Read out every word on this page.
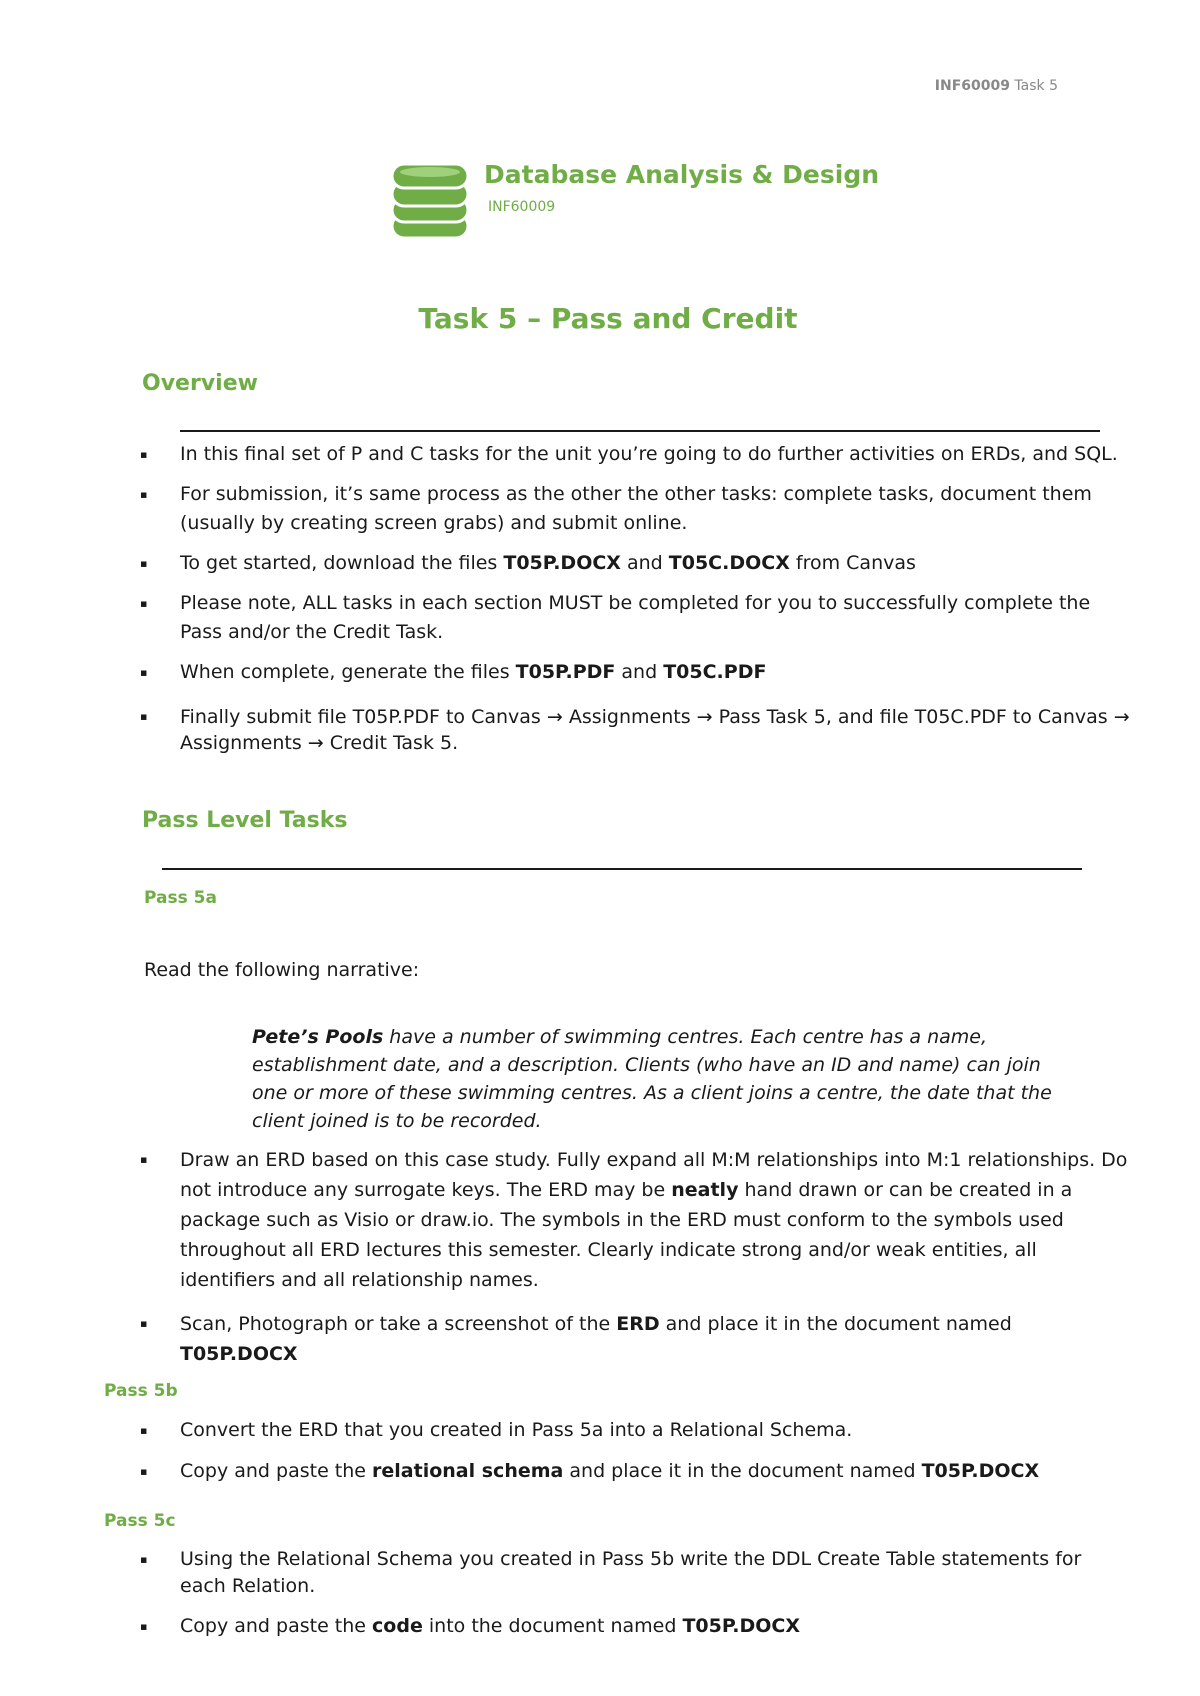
INF60009 Task 5
Database Analysis & Design
INF60009
Task 5 – Pass and Credit
Overview
▪ In this final set of P and C tasks for the unit you’re going to do further activities on ERDs, and SQL.
▪ For submission, it’s same process as the other the other tasks: complete tasks, document them (usually by creating screen grabs) and submit online.
▪ To get started, download the files T05P.DOCX and T05C.DOCX from Canvas
▪ Please note, ALL tasks in each section MUST be completed for you to successfully complete the Pass and/or the Credit Task.
▪ When complete, generate the files T05P.PDF and T05C.PDF
▪ Finally submit file T05P.PDF to Canvas → Assignments → Pass Task 5, and file T05C.PDF to Canvas → Assignments → Credit Task 5.
Pass Level Tasks
Pass 5a
Read the following narrative:
Pete’s Pools have a number of swimming centres. Each centre has a name, establishment date, and a description. Clients (who have an ID and name) can join one or more of these swimming centres. As a client joins a centre, the date that the client joined is to be recorded.
▪ Draw an ERD based on this case study. Fully expand all M:M relationships into M:1 relationships. Do not introduce any surrogate keys. The ERD may be neatly hand drawn or can be created in a package such as Visio or draw.io. The symbols in the ERD must conform to the symbols used throughout all ERD lectures this semester. Clearly indicate strong and/or weak entities, all identifiers and all relationship names.
▪ Scan, Photograph or take a screenshot of the ERD and place it in the document named
T05P.DOCX
Pass 5b
▪ Convert the ERD that you created in Pass 5a into a Relational Schema.
▪ Copy and paste the relational schema and place it in the document named T05P.DOCX
Pass 5c
▪ Using the Relational Schema you created in Pass 5b write the DDL Create Table statements for each Relation.
▪ Copy and paste the code into the document named T05P.DOCX
